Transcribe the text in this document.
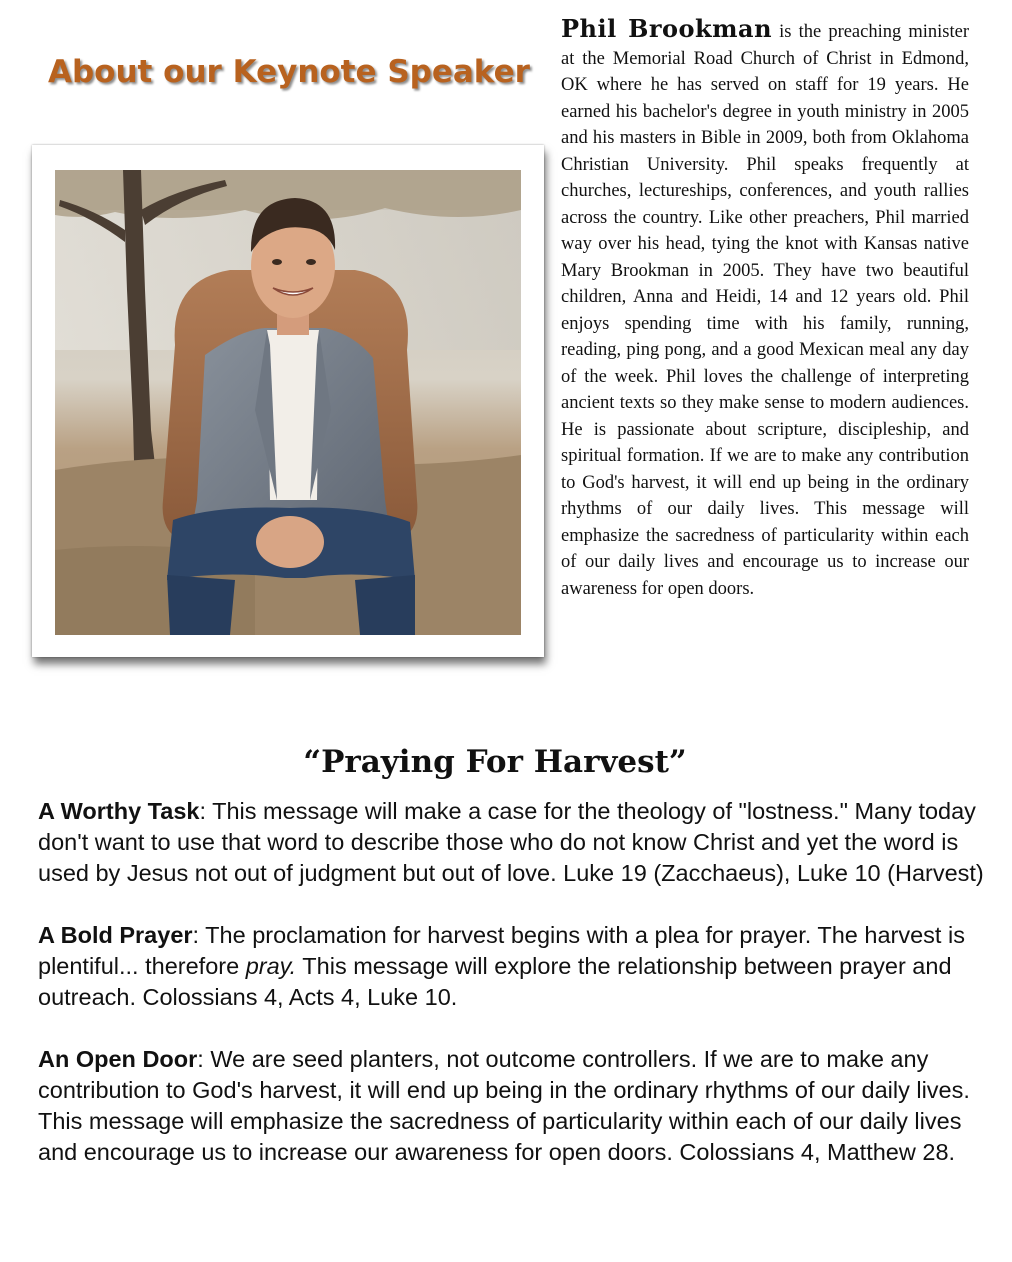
About our Keynote Speaker
Phil Brookman is the preaching minister at the Memorial Road Church of Christ in Edmond, OK where he has served on staff for 19 years. He earned his bachelor's degree in youth ministry in 2005 and his masters in Bible in 2009, both from Oklahoma Christian University. Phil speaks frequently at churches, lectureships, conferences, and youth rallies across the country. Like other preachers, Phil married way over his head, tying the knot with Kansas native Mary Brookman in 2005. They have two beautiful children, Anna and Heidi, 14 and 12 years old. Phil enjoys spending time with his family, running, reading, ping pong, and a good Mexican meal any day of the week. Phil loves the challenge of interpreting ancient texts so they make sense to modern audiences. He is passionate about scripture, discipleship, and spiritual formation. If we are to make any contribution to God's harvest, it will end up being in the ordinary rhythms of our daily lives. This message will emphasize the sacredness of particularity within each of our daily lives and encourage us to increase our awareness for open doors.
“Praying For Harvest”
A Worthy Task: This message will make a case for the theology of "lostness." Many today don't want to use that word to describe those who do not know Christ and yet the word is used by Jesus not out of judgment but out of love. Luke 19 (Zacchaeus), Luke 10 (Harvest)
A Bold Prayer: The proclamation for harvest begins with a plea for prayer. The harvest is plentiful... therefore pray. This message will explore the relationship between prayer and outreach. Colossians 4, Acts 4, Luke 10.
An Open Door: We are seed planters, not outcome controllers. If we are to make any contribution to God's harvest, it will end up being in the ordinary rhythms of our daily lives. This message will emphasize the sacredness of particularity within each of our daily lives and encourage us to increase our awareness for open doors. Colossians 4, Matthew 28.
